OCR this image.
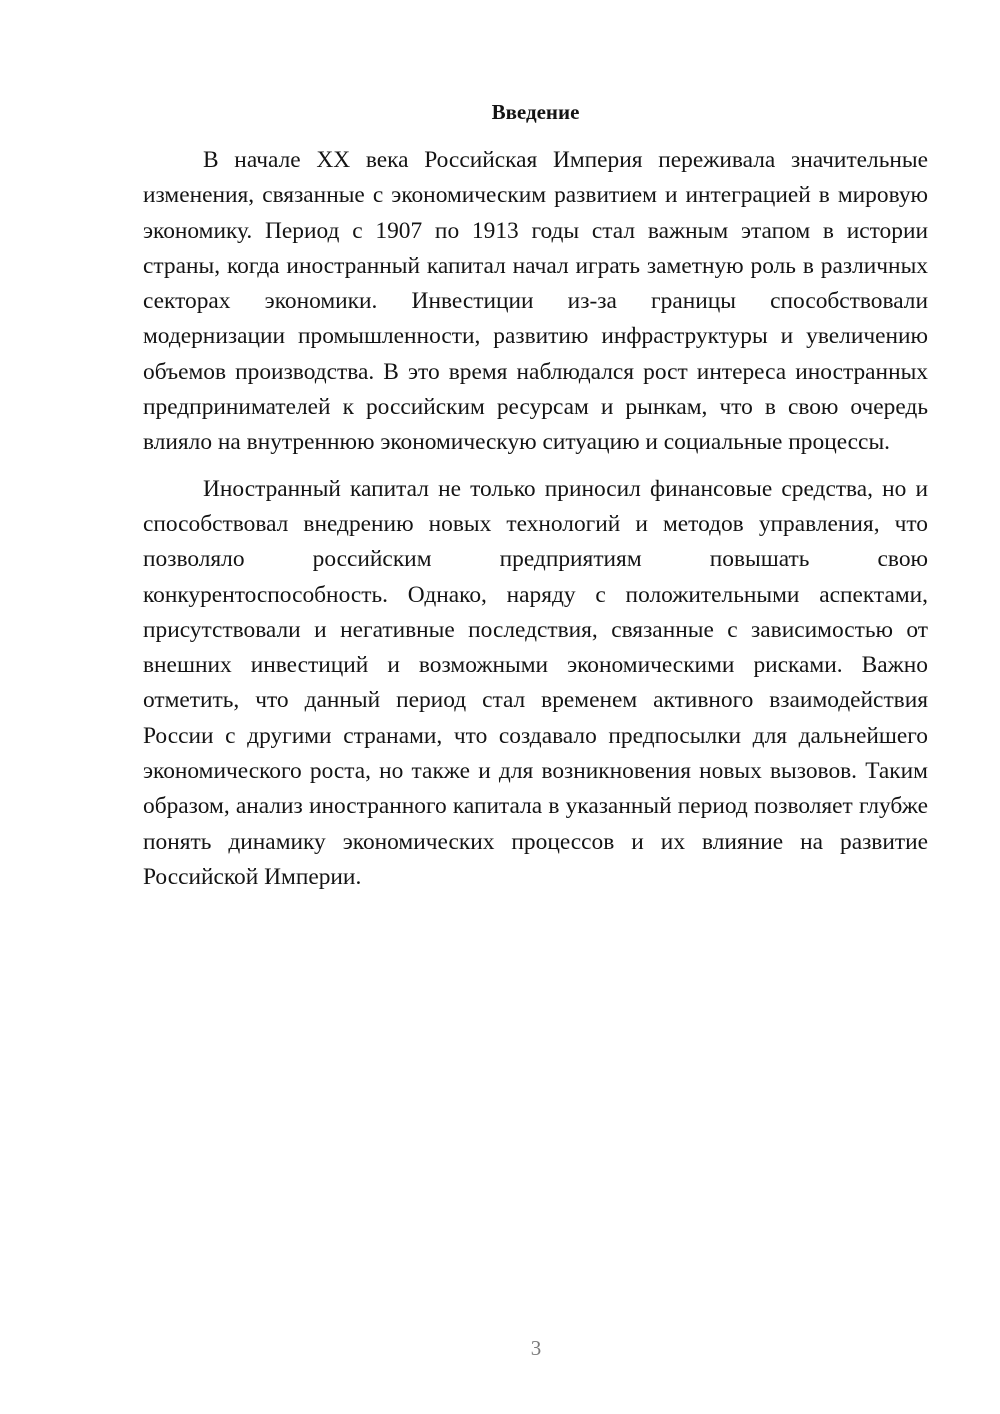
Введение

В начале XX века Российская Империя переживала значительные изменения, связанные с экономическим развитием и интеграцией в мировую экономику. Период с 1907 по 1913 годы стал важным этапом в истории страны, когда иностранный капитал начал играть заметную роль в различных секторах экономики. Инвестиции из-за границы способствовали модернизации промышленности, развитию инфраструктуры и увеличению объемов производства. В это время наблюдался рост интереса иностранных предпринимателей к российским ресурсам и рынкам, что в свою очередь влияло на внутреннюю экономическую ситуацию и социальные процессы.

Иностранный капитал не только приносил финансовые средства, но и способствовал внедрению новых технологий и методов управления, что позволяло российским предприятиям повышать свою конкурентоспособность. Однако, наряду с положительными аспектами, присутствовали и негативные последствия, связанные с зависимостью от внешних инвестиций и возможными экономическими рисками. Важно отметить, что данный период стал временем активного взаимодействия России с другими странами, что создавало предпосылки для дальнейшего экономического роста, но также и для возникновения новых вызовов. Таким образом, анализ иностранного капитала в указанный период позволяет глубже понять динамику экономических процессов и их влияние на развитие Российской Империи.

3
